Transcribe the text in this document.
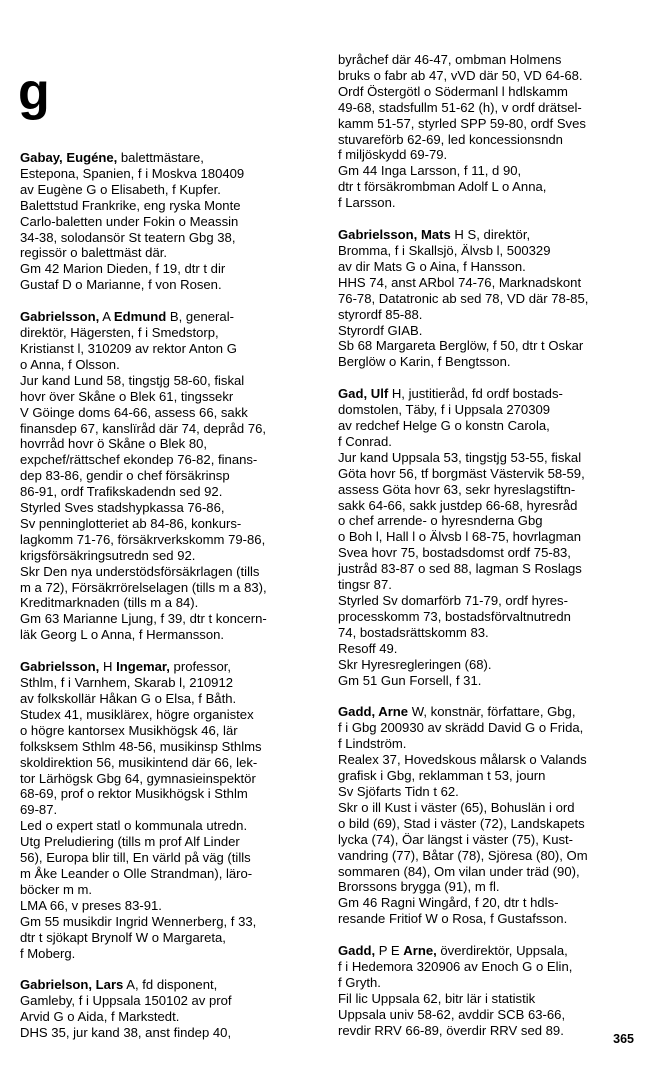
g

Gabay, Eugéne, balettmästare,

Estepona, Spanien, f i Moskva 180409

av Eugène G o Elisabeth, f Kupfer.

Balettstud Frankrike, eng ryska Monte

Carlo-baletten under Fokin o Meassin

34-38, solodansör St teatern Gbg 38,

regissör o balettmäst där.

Gm 42 Marion Dieden, f 19, dtr t dir

Gustaf D o Marianne, f von Rosen.

Gabrielsson, A Edmund B, general-

direktör, Hägersten, f i Smedstorp,

Kristianst l, 310209 av rektor Anton G

o Anna, f Olsson.

Jur kand Lund 58, tingstjg 58-60, fiskal

hovr över Skåne o Blek 61, tingssekr

V Göinge doms 64-66, assess 66, sakk

finansdep 67, kanslïråd där 74, depråd 76,

hovrråd hovr ö Skåne o Blek 80,

expchef/rättschef ekondep 76-82, finans-

dep 83-86, gendir o chef försäkrinsp

86-91, ordf Trafikskadendn sed 92.

Styrled Sves stadshypkassa 76-86,

Sv penninglotteriet ab 84-86, konkurs-

lagkomm 71-76, försäkrverkskomm 79-86,

krigsförsäkringsutredn sed 92.

Skr Den nya understödsförsäkrlagen (tills

m a 72), Försäkrrörelselagen (tills m a 83),

Kreditmarknaden (tills m a 84).

Gm 63 Marianne Ljung, f 39, dtr t koncern-

läk Georg L o Anna, f Hermansson.

Gabrielsson, H Ingemar, professor,

Sthlm, f i Varnhem, Skarab l, 210912

av folkskollär Håkan G o Elsa, f Båth.

Studex 41, musiklärex, högre organistex

o högre kantorsex Musikhögsk 46, lär

folksksem Sthlm 48-56, musikinsp Sthlms

skoldirektion 56, musikintend där 66, lek-

tor Lärhögsk Gbg 64, gymnasieinspektör

68-69, prof o rektor Musikhögsk i Sthlm

69-87.

Led o expert statl o kommunala utredn.

Utg Preludiering (tills m prof Alf Linder

56), Europa blir till, En värld på väg (tills

m Åke Leander o Olle Strandman), läro-

böcker m m.

LMA 66, v preses 83-91.

Gm 55 musikdir Ingrid Wennerberg, f 33,

dtr t sjökapt Brynolf W o Margareta,

f Moberg.

Gabrielson, Lars A, fd disponent,

Gamleby, f i Uppsala 150102 av prof

Arvid G o Aida, f Markstedt.

DHS 35, jur kand 38, anst findep 40,

byråchef där 46-47, ombman Holmens

bruks o fabr ab 47, vVD där 50, VD 64-68.

Ordf Östergötl o Södermanl l hdlskamm

49-68, stadsfullm 51-62 (h), v ordf drätsel-

kamm 51-57, styrled SPP 59-80, ordf Sves

stuvareförb 62-69, led koncessionsndn

f miljöskydd 69-79.

Gm 44 Inga Larsson, f 11, d 90,

dtr t försäkrombman Adolf L o Anna,

f Larsson.

Gabrielsson, Mats H S, direktör,

Bromma, f i Skallsjö, Älvsb l, 500329

av dir Mats G o Aina, f Hansson.

HHS 74, anst ARbol 74-76, Marknadskont

76-78, Datatronic ab sed 78, VD där 78-85,

styrordf 85-88.

Styrordf GIAB.

Sb 68 Margareta Berglöw, f 50, dtr t Oskar

Berglöw o Karin, f Bengtsson.

Gad, Ulf H, justitieråd, fd ordf bostads-

domstolen, Täby, f i Uppsala 270309

av redchef Helge G o konstn Carola,

f Conrad.

Jur kand Uppsala 53, tingstjg 53-55, fiskal

Göta hovr 56, tf borgmäst Västervik 58-59,

assess Göta hovr 63, sekr hyreslagstiftn-

sakk 64-66, sakk justdep 66-68, hyresråd

o chef arrende- o hyresnderna Gbg

o Boh l, Hall l o Älvsb l 68-75, hovrlagman

Svea hovr 75, bostadsdomst ordf 75-83,

justråd 83-87 o sed 88, lagman S Roslags

tingsr 87.

Styrled Sv domarförb 71-79, ordf hyres-

processkomm 73, bostadsförvaltnutredn

74, bostadsrättskomm 83.

Resoff 49.

Skr Hyresregleringen (68).

Gm 51 Gun Forsell, f 31.

Gadd, Arne W, konstnär, författare, Gbg,

f i Gbg 200930 av skrädd David G o Frida,

f Lindström.

Realex 37, Hovedskous målarsk o Valands

grafisk i Gbg, reklamman t 53, journ

Sv Sjöfarts Tidn t 62.

Skr o ill Kust i väster (65), Bohuslän i ord

o bild (69), Stad i väster (72), Landskapets

lycka (74), Öar längst i väster (75), Kust-

vandring (77), Båtar (78), Sjöresa (80), Om

sommaren (84), Om vilan under träd (90),

Brorssons brygga (91), m fl.

Gm 46 Ragni Wingård, f 20, dtr t hdls-

resande Fritiof W o Rosa, f Gustafsson.

Gadd, P E Arne, överdirektör, Uppsala,

f i Hedemora 320906 av Enoch G o Elin,

f Gryth.

Fil lic Uppsala 62, bitr lär i statistik

Uppsala univ 58-62, avddir SCB 63-66,

revdir RRV 66-89, överdir RRV sed 89.

365
